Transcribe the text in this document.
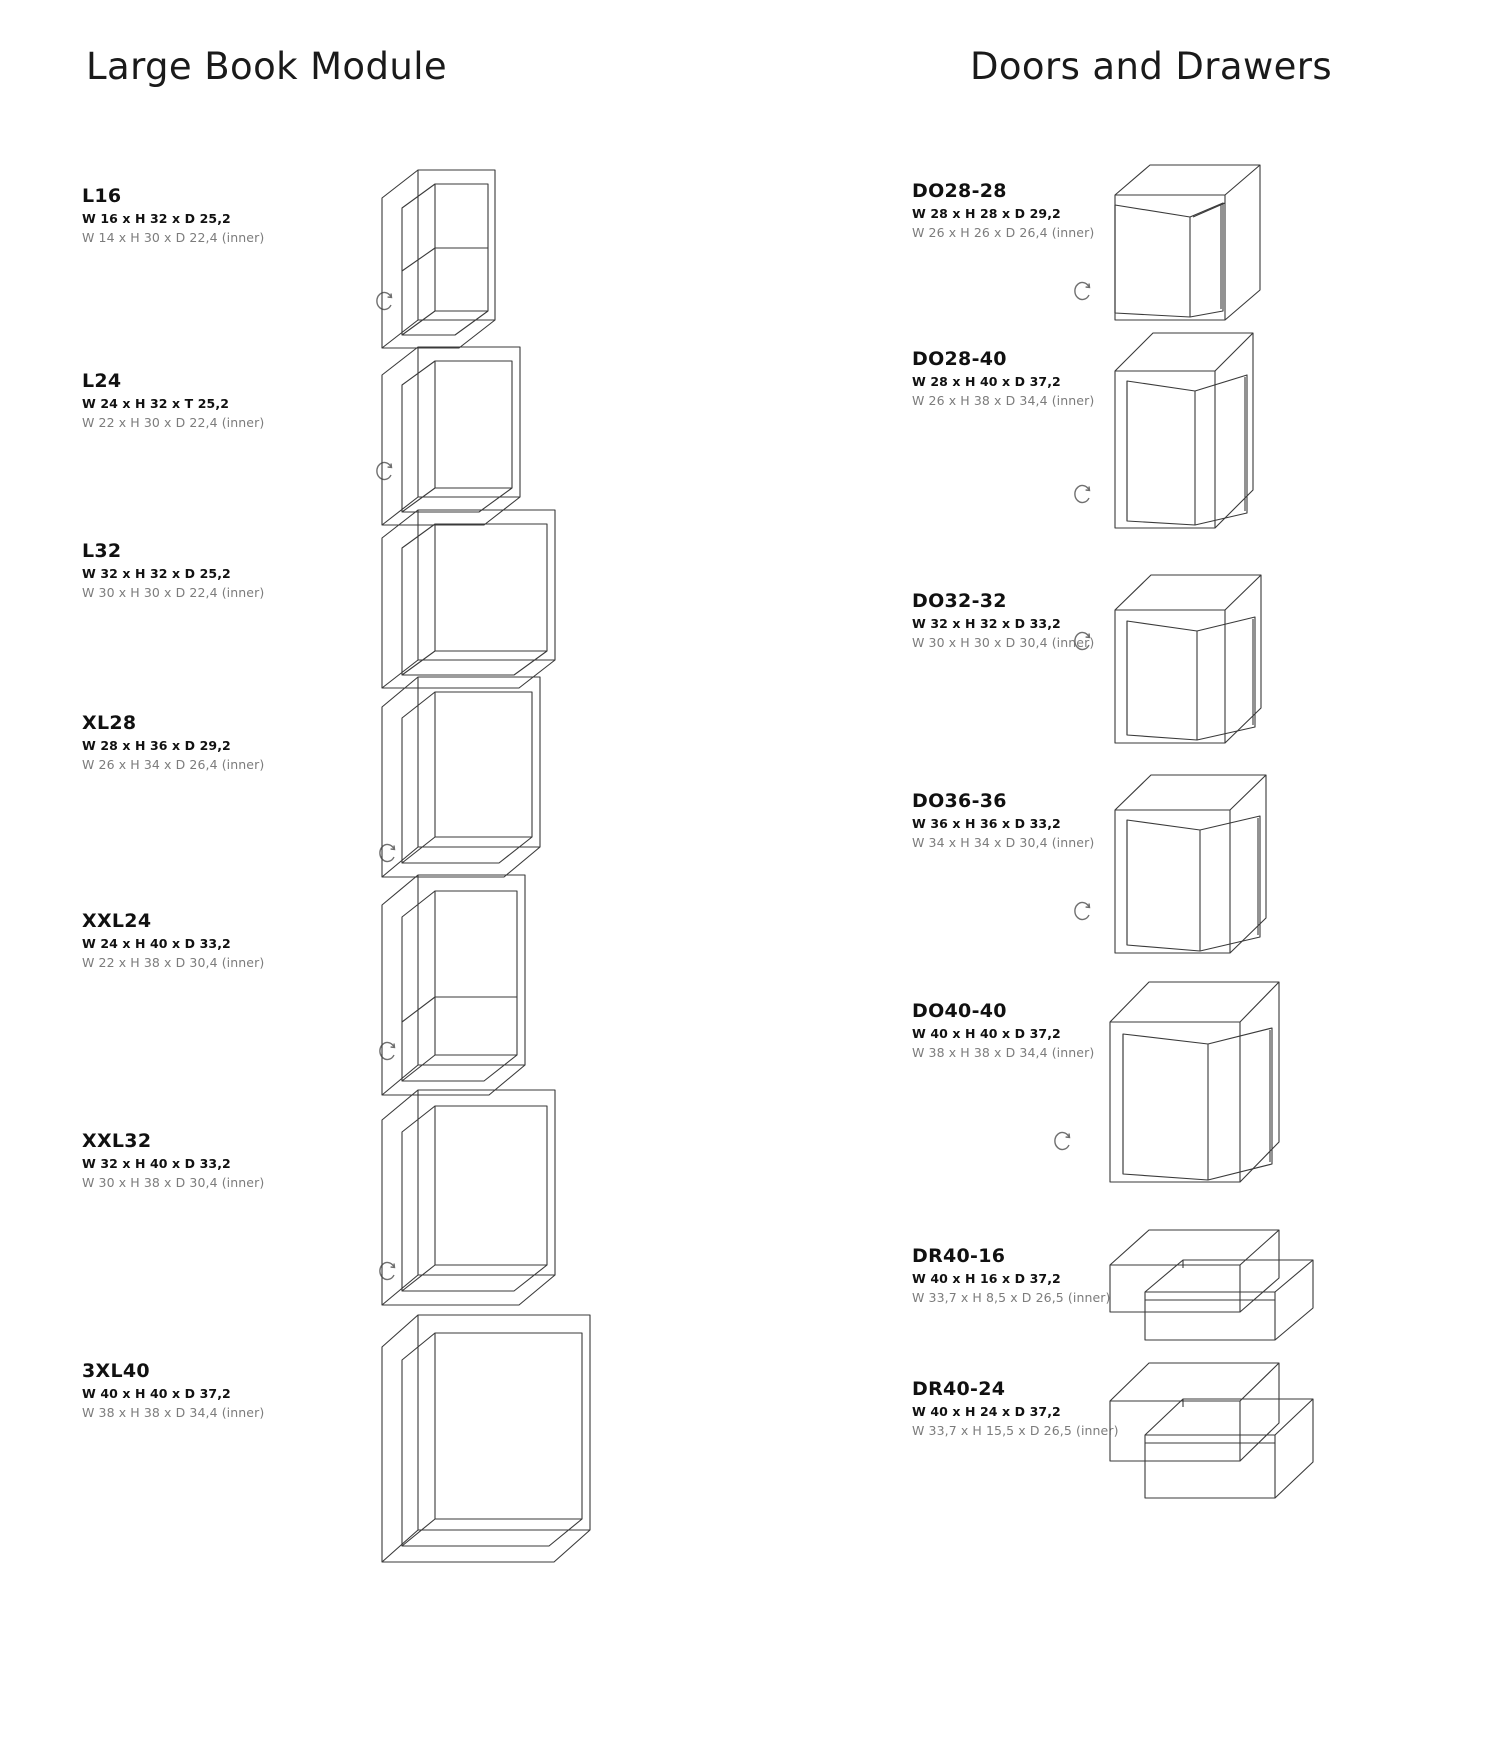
Large Book Module
L16
W 16 x H 32 x D 25,2
W 14 x H 30 x D 22,4 (inner)
L24
W 24 x H 32 x T 25,2
W 22 x H 30 x D 22,4 (inner)
L32
W 32 x H 32 x D 25,2
W 30 x H 30 x D 22,4 (inner)
XL28
W 28 x H 36 x D 29,2
W 26 x H 34 x D 26,4 (inner)
XXL24
W 24 x H 40 x D 33,2
W 22 x H 38 x D 30,4 (inner)
XXL32
W 32 x H 40 x D 33,2
W 30 x H 38 x D 30,4 (inner)
3XL40
W 40 x H 40 x D 37,2
W 38 x H 38 x D 34,4 (inner)
Doors and Drawers
DO28-28
W 28 x H 28 x D 29,2
W 26 x H 26 x D 26,4 (inner)
DO28-40
W 28 x H 40 x D 37,2
W 26 x H 38 x D 34,4 (inner)
DO32-32
W 32 x H 32 x D 33,2
W 30 x H 30 x D 30,4 (inner)
DO36-36
W 36 x H 36 x D 33,2
W 34 x H 34 x D 30,4 (inner)
DO40-40
W 40 x H 40 x D 37,2
W 38 x H 38 x D 34,4 (inner)
DR40-16
W 40 x H 16 x D 37,2
W 33,7 x H 8,5 x D 26,5 (inner)
DR40-24
W 40 x H 24 x D 37,2
W 33,7 x H 15,5 x D 26,5 (inner)
